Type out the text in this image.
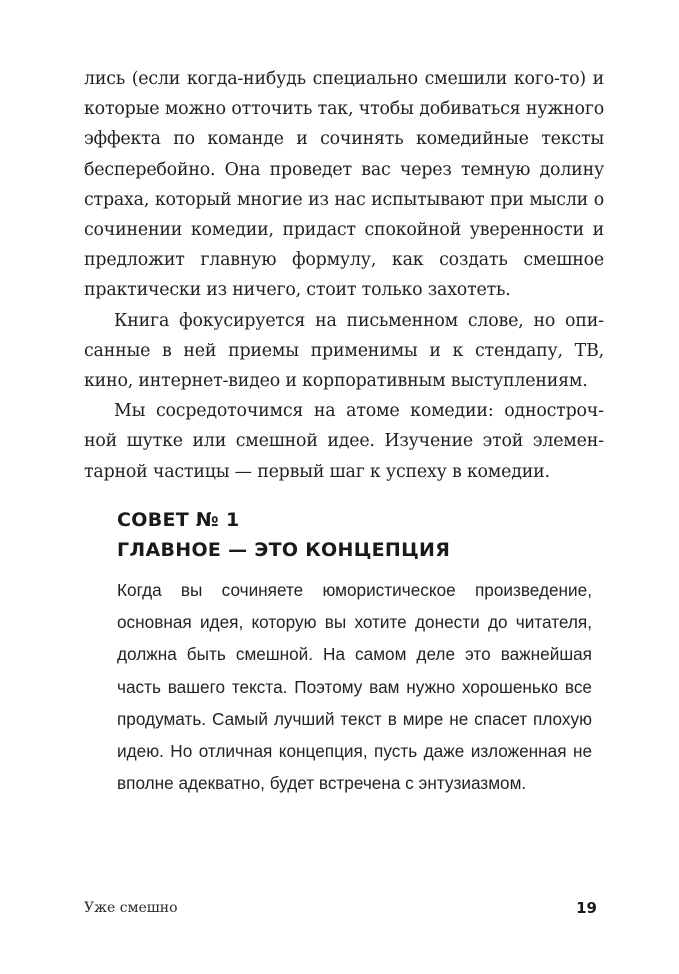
лись (если когда-нибудь специально смешили кого-то) и которые можно отточить так, чтобы добиваться нужного эффекта по команде и сочинять комедийные тексты бесперебойно. Она проведет вас через темную долину страха, который многие из нас испытывают при мысли о сочинении комедии, придаст спокойной уверенности и предложит главную формулу, как создать смешное практически из ничего, стоит только захотеть.

Книга фокусируется на письменном слове, но описанные в ней приемы применимы и к стендапу, ТВ, кино, интернет-видео и корпоративным выступлениям.

Мы сосредоточимся на атоме комедии: однострочной шутке или смешной идее. Изучение этой элементарной частицы — первый шаг к успеху в комедии.

СОВЕТ № 1
ГЛАВНОЕ — ЭТО КОНЦЕПЦИЯ

Когда вы сочиняете юмористическое произведение, основная идея, которую вы хотите донести до читателя, должна быть смешной. На самом деле это важнейшая часть вашего текста. Поэтому вам нужно хорошенько все продумать. Самый лучший текст в мире не спасет плохую идею. Но отличная концепция, пусть даже изложенная не вполне адекватно, будет встречена с энтузиазмом.

Уже смешно	19
